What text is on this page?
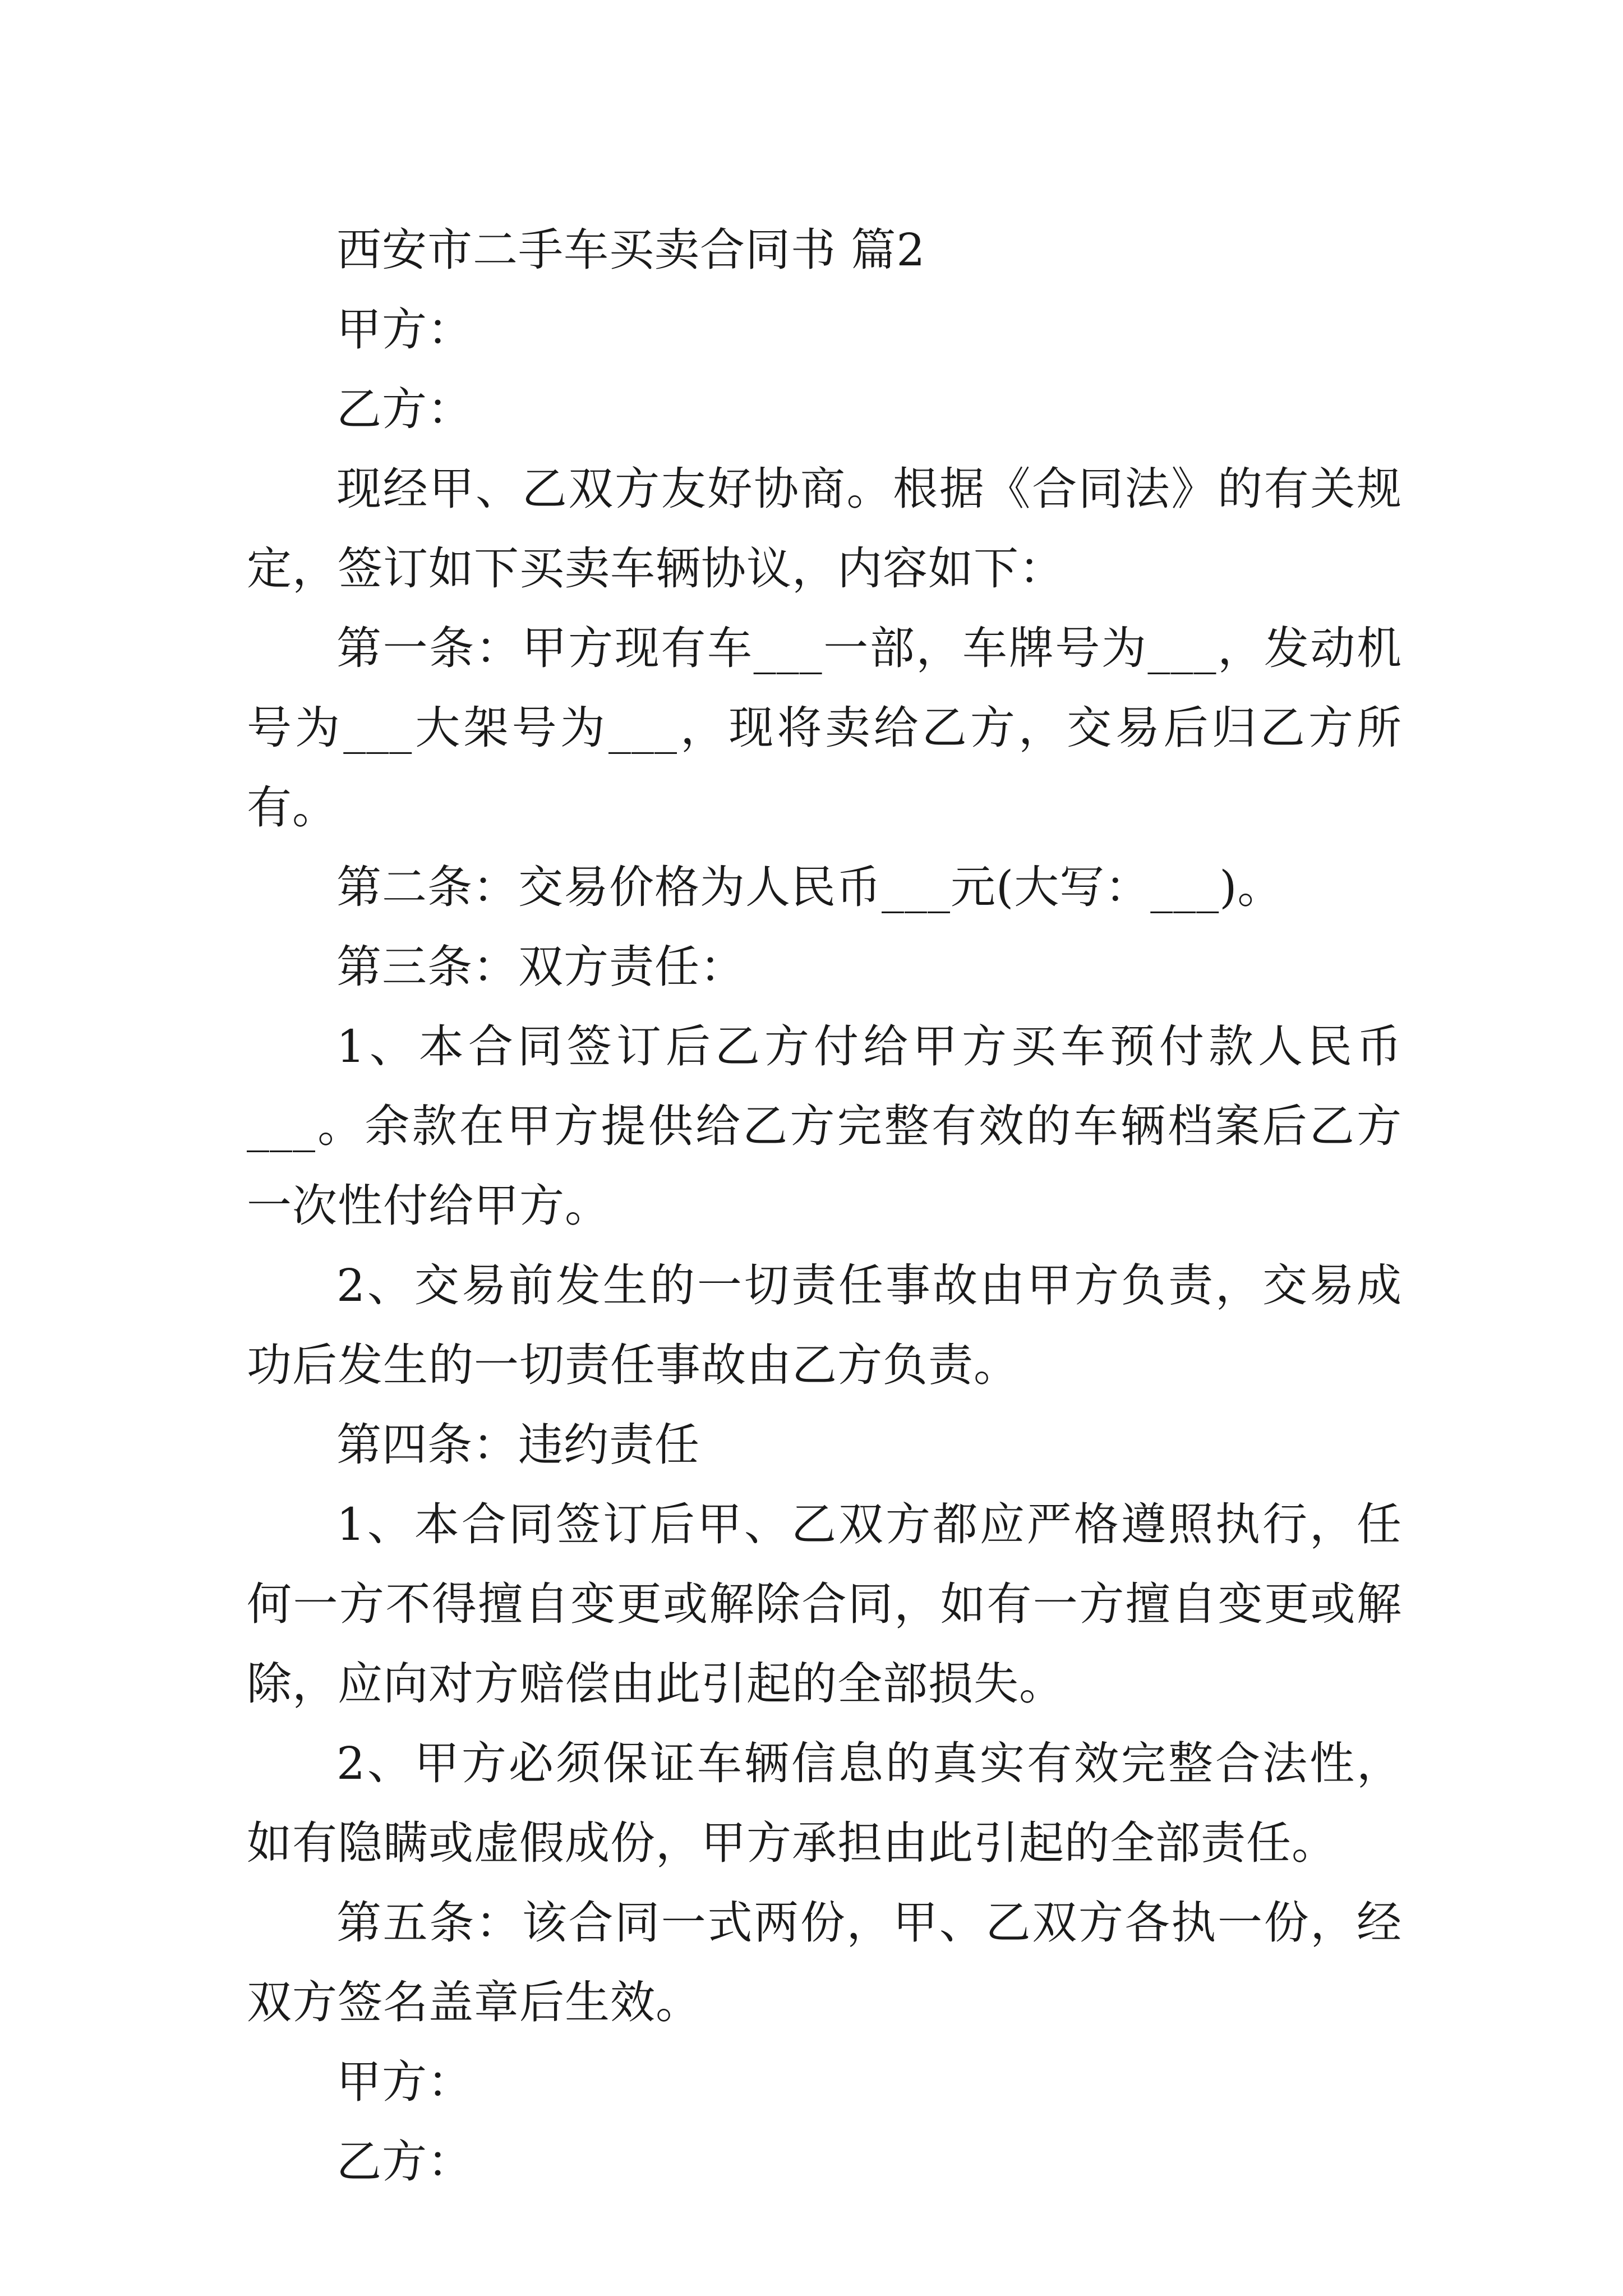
西安市二手车买卖合同书 篇2

甲方：

乙方：

现经甲、乙双方友好协商。根据《合同法》的有关规定，签订如下买卖车辆协议，内容如下：

第一条：甲方现有车___一部，车牌号为___，发动机号为___大架号为___，现将卖给乙方，交易后归乙方所有。

第二条：交易价格为人民币___元(大写：___)。

第三条：双方责任：

1、本合同签订后乙方付给甲方买车预付款人民币___。余款在甲方提供给乙方完整有效的车辆档案后乙方一次性付给甲方。

2、交易前发生的一切责任事故由甲方负责，交易成功后发生的一切责任事故由乙方负责。

第四条：违约责任

1、本合同签订后甲、乙双方都应严格遵照执行，任何一方不得擅自变更或解除合同，如有一方擅自变更或解除，应向对方赔偿由此引起的全部损失。

2、甲方必须保证车辆信息的真实有效完整合法性，如有隐瞒或虚假成份，甲方承担由此引起的全部责任。

第五条：该合同一式两份，甲、乙双方各执一份，经双方签名盖章后生效。

甲方：

乙方：
